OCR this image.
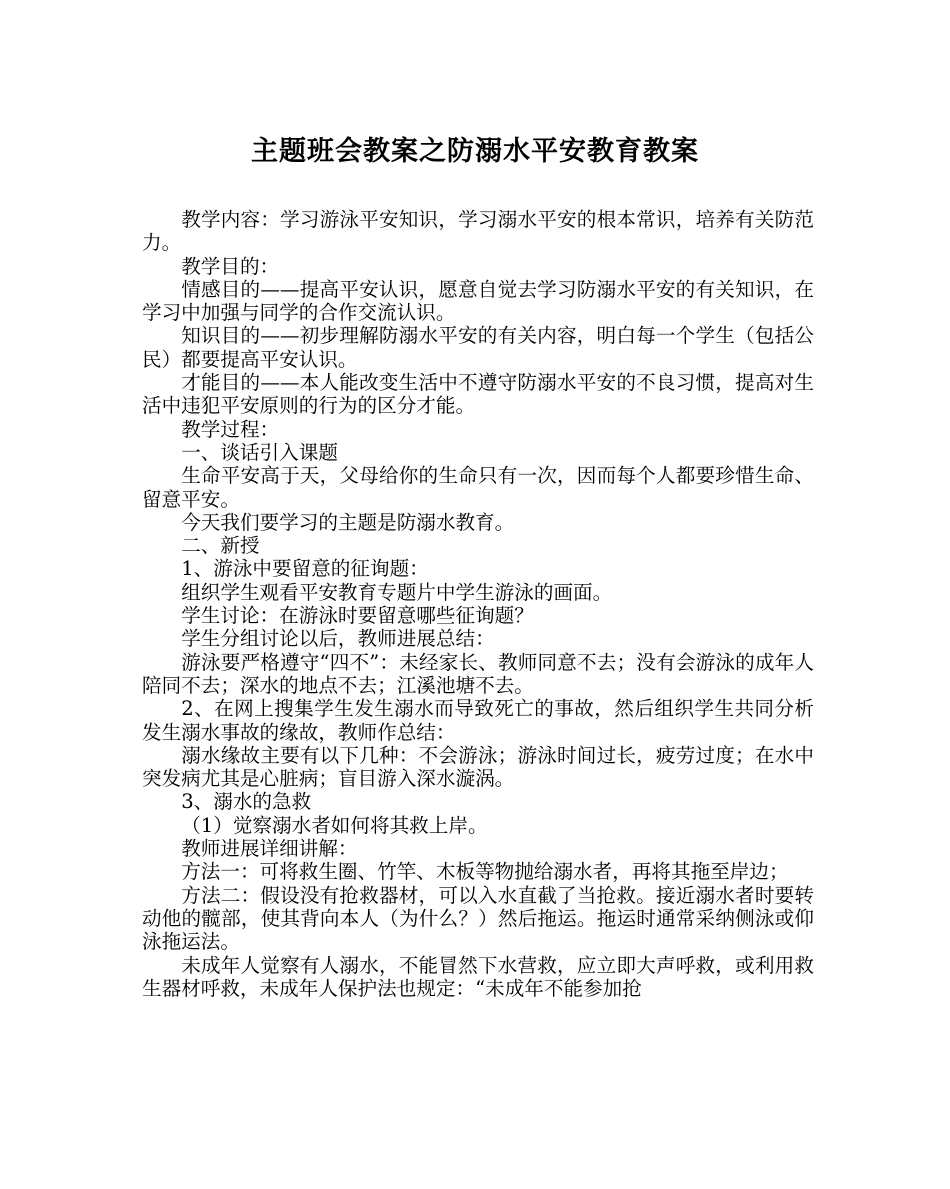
主题班会教案之防溺水平安教育教案

教学内容：学习游泳平安知识，学习溺水平安的根本常识，培养有关防范力。

教学目的：

情感目的——提高平安认识，愿意自觉去学习防溺水平安的有关知识，在学习中加强与同学的合作交流认识。

知识目的——初步理解防溺水平安的有关内容，明白每一个学生（包括公民）都要提高平安认识。

才能目的——本人能改变生活中不遵守防溺水平安的不良习惯，提高对生活中违犯平安原则的行为的区分才能。

教学过程：

一、谈话引入课题

生命平安高于天，父母给你的生命只有一次，因而每个人都要珍惜生命、留意平安。

今天我们要学习的主题是防溺水教育。

二、新授

1、游泳中要留意的征询题：

组织学生观看平安教育专题片中学生游泳的画面。

学生讨论：在游泳时要留意哪些征询题？

学生分组讨论以后，教师进展总结：

游泳要严格遵守“四不”：未经家长、教师同意不去；没有会游泳的成年人陪同不去；深水的地点不去；江溪池塘不去。

2、在网上搜集学生发生溺水而导致死亡的事故，然后组织学生共同分析发生溺水事故的缘故，教师作总结：

溺水缘故主要有以下几种：不会游泳；游泳时间过长，疲劳过度；在水中突发病尤其是心脏病；盲目游入深水漩涡。

3、溺水的急救

（1）觉察溺水者如何将其救上岸。

教师进展详细讲解：

方法一：可将救生圈、竹竿、木板等物抛给溺水者，再将其拖至岸边；

方法二：假设没有抢救器材，可以入水直截了当抢救。接近溺水者时要转动他的髋部，使其背向本人（为什么？）然后拖运。拖运时通常采纳侧泳或仰泳拖运法。

未成年人觉察有人溺水，不能冒然下水营救，应立即大声呼救，或利用救生器材呼救，未成年人保护法也规定：“未成年不能参加抢
